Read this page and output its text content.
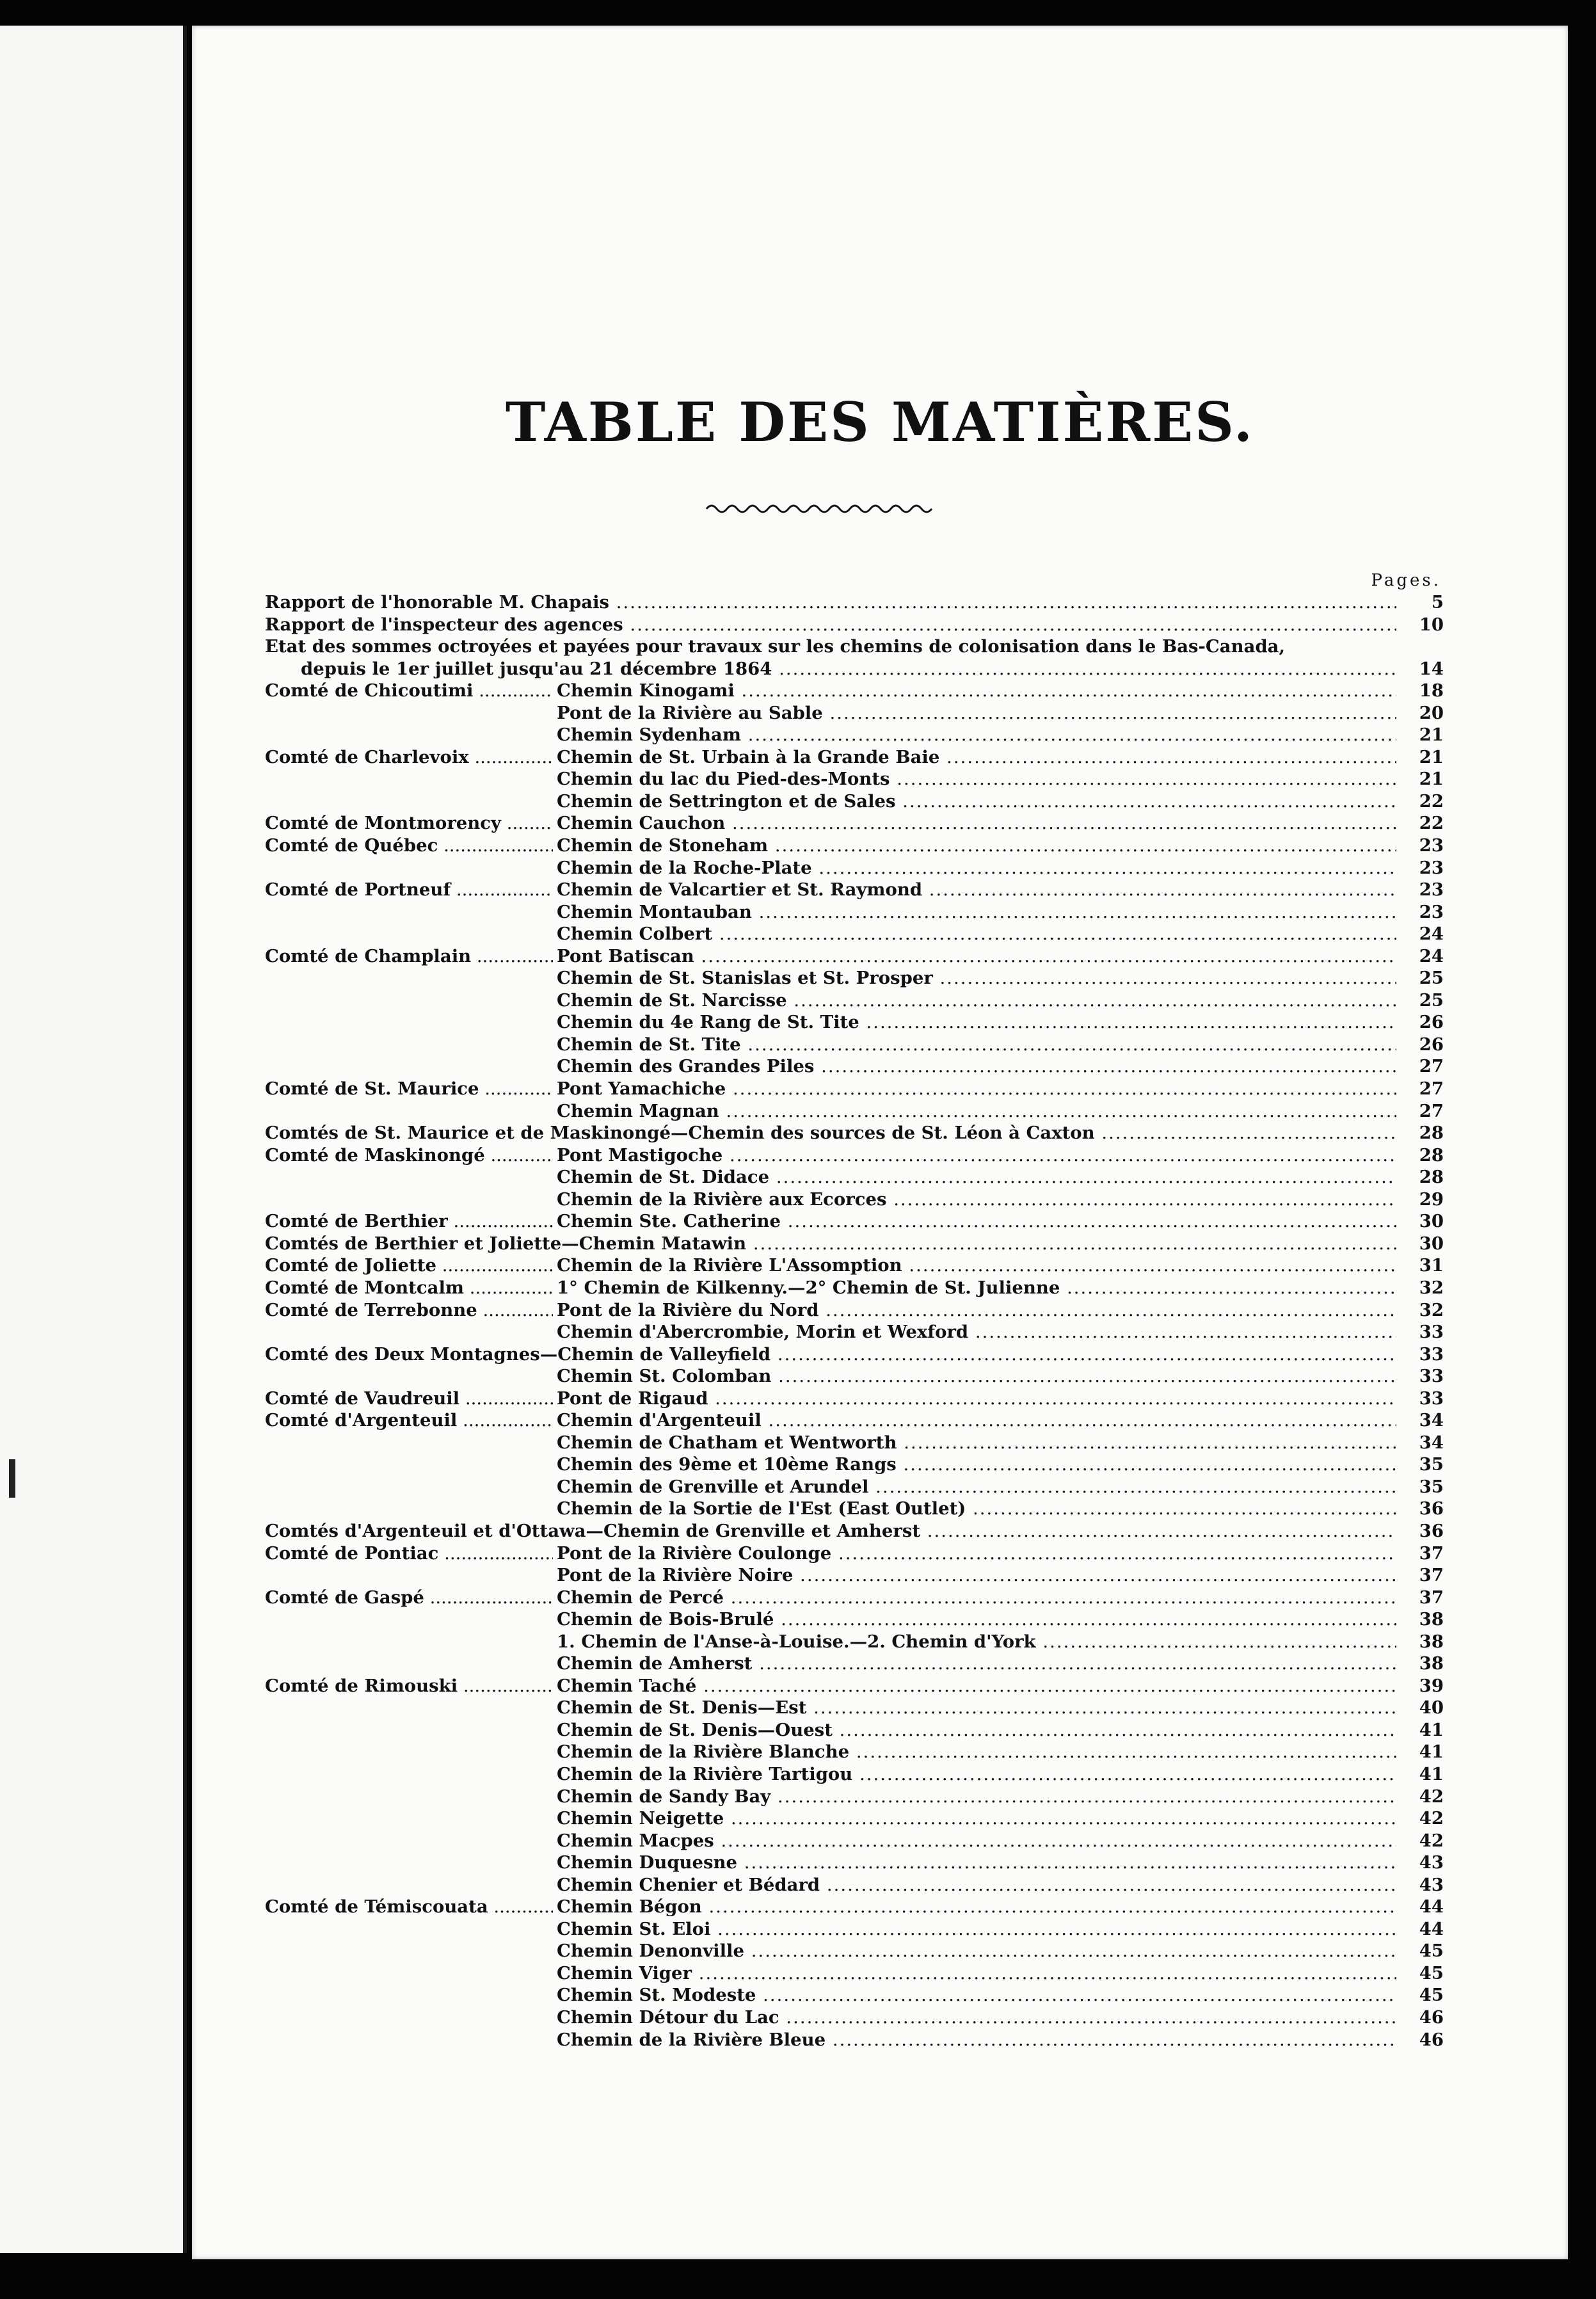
TABLE DES MATIÈRES.
Pages.
Rapport de l'honorable M. Chapais .....	5
Rapport de l'inspecteur des agences .....	10
Etat des sommes octroyées et payées pour travaux sur les chemins de colonisation dans le Bas-Canada,
depuis le 1er juillet jusqu'au 21 décembre 1864 .....	14
Comté de Chicoutimi .....	Chemin Kinogami .....	18
Pont de la Rivière au Sable .....	20
Chemin Sydenham .....	21
Comté de Charlevoix .....	Chemin de St. Urbain à la Grande Baie .....	21
Chemin du lac du Pied-des-Monts .....	21
Chemin de Settrington et de Sales .....	22
Comté de Montmorency .....	Chemin Cauchon .....	22
Comté de Québec .....	Chemin de Stoneham .....	23
Chemin de la Roche-Plate .....	23
Comté de Portneuf .....	Chemin de Valcartier et St. Raymond .....	23
Chemin Montauban .....	23
Chemin Colbert .....	24
Comté de Champlain .....	Pont Batiscan .....	24
Chemin de St. Stanislas et St. Prosper .....	25
Chemin de St. Narcisse .....	25
Chemin du 4e Rang de St. Tite .....	26
Chemin de St. Tite .....	26
Chemin des Grandes Piles .....	27
Comté de St. Maurice .....	Pont Yamachiche .....	27
Chemin Magnan .....	27
Comtés de St. Maurice et de Maskinongé—Chemin des sources de St. Léon à Caxton .....	28
Comté de Maskinongé .....	Pont Mastigoche .....	28
Chemin de St. Didace .....	28
Chemin de la Rivière aux Ecorces .....	29
Comté de Berthier .....	Chemin Ste. Catherine .....	30
Comtés de Berthier et Joliette—Chemin Matawin .....	30
Comté de Joliette .....	Chemin de la Rivière L'Assomption .....	31
Comté de Montcalm .....	1° Chemin de Kilkenny.—2° Chemin de St. Julienne .....	32
Comté de Terrebonne .....	Pont de la Rivière du Nord .....	32
Chemin d'Abercrombie, Morin et Wexford .....	33
Comté des Deux Montagnes—Chemin de Valleyfield .....	33
Chemin St. Colomban .....	33
Comté de Vaudreuil .....	Pont de Rigaud .....	33
Comté d'Argenteuil .....	Chemin d'Argenteuil .....	34
Chemin de Chatham et Wentworth .....	34
Chemin des 9ème et 10ème Rangs .....	35
Chemin de Grenville et Arundel .....	35
Chemin de la Sortie de l'Est (East Outlet) .....	36
Comtés d'Argenteuil et d'Ottawa—Chemin de Grenville et Amherst .....	36
Comté de Pontiac .....	Pont de la Rivière Coulonge .....	37
Pont de la Rivière Noire .....	37
Comté de Gaspé .....	Chemin de Percé .....	37
Chemin de Bois-Brulé .....	38
1. Chemin de l'Anse-à-Louise.—2. Chemin d'York .....	38
Chemin de Amherst .....	38
Comté de Rimouski .....	Chemin Taché .....	39
Chemin de St. Denis—Est .....	40
Chemin de St. Denis—Ouest .....	41
Chemin de la Rivière Blanche .....	41
Chemin de la Rivière Tartigou .....	41
Chemin de Sandy Bay .....	42
Chemin Neigette .....	42
Chemin Macpes .....	42
Chemin Duquesne .....	43
Chemin Chenier et Bédard .....	43
Comté de Témiscouata .....	Chemin Bégon .....	44
Chemin St. Eloi .....	44
Chemin Denonville .....	45
Chemin Viger .....	45
Chemin St. Modeste .....	45
Chemin Détour du Lac .....	46
Chemin de la Rivière Bleue .....	46
